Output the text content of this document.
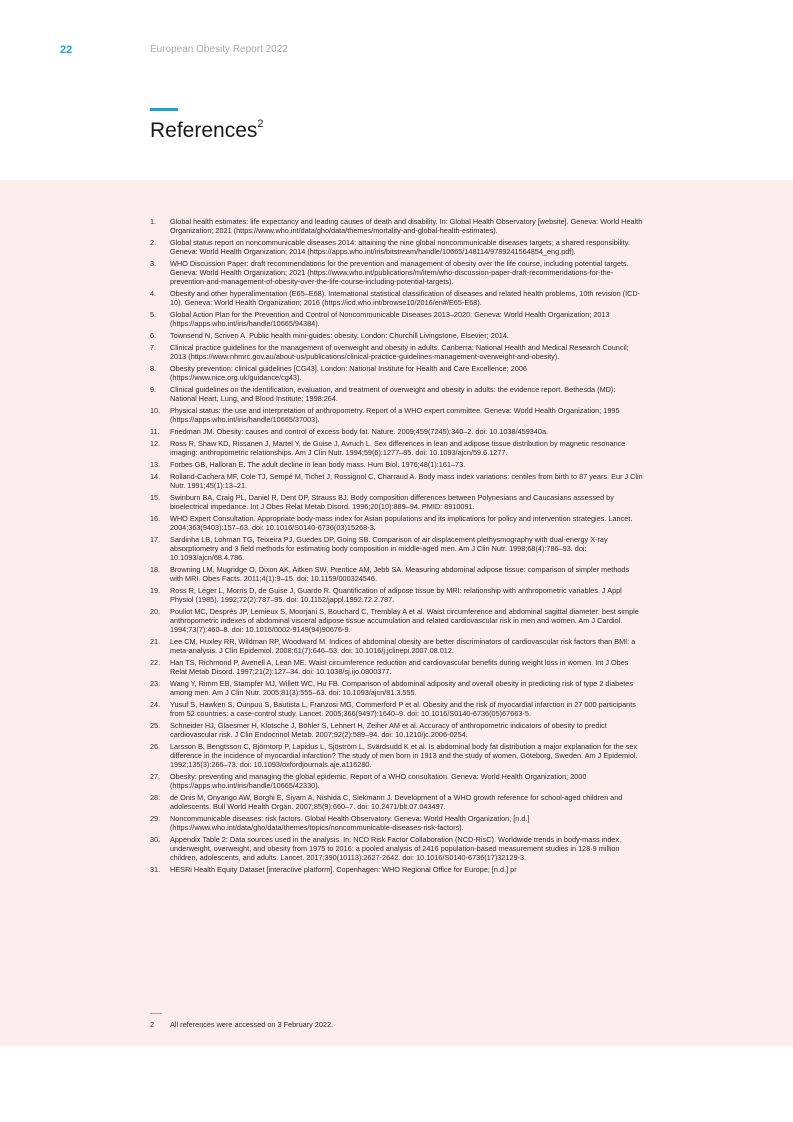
22	European Obesity Report 2022
References$^2$
1. Global health estimates: life expectancy and leading causes of death and disability. In: Global Health Observatory [website]. Geneva: World Health Organization; 2021 (https://www.who.int/data/gho/data/themes/mortality-and-global-health-estimates).
2. Global status report on noncommunicable diseases 2014: attaining the nine global noncommunicable diseases targets; a shared responsibility. Geneva: World Health Organization; 2014 (https://apps.who.int/iris/bitstream/handle/10665/148114/9789241564854_eng.pdf).
3. WHO Discussion Paper: draft recommendations for the prevention and management of obesity over the life course, including potential targets. Geneva: World Health Organization; 2021 (https://www.who.int/publications/m/item/who-discussion-paper-draft-recommendations-for-the-prevention-and-management-of-obesity-over-the-life-course-including-potential-targets).
4. Obesity and other hyperalimentation (E65–E68). International statistical classification of diseases and related health problems, 10th revision (ICD-10). Geneva: World Health Organization; 2016 (https://icd.who.int/browse10/2016/en#/E65-E68).
5. Global Action Plan for the Prevention and Control of Noncommunicable Diseases 2013–2020. Geneva: World Health Organization; 2013 (https://apps.who.int/iris/handle/10665/94384).
6. Townsend N, Scriven A. Public health mini-guides: obesity. London: Churchill Livingstone, Elsevier; 2014.
7. Clinical practice guidelines for the management of overweight and obesity in adults. Canberra: National Health and Medical Research Council; 2013 (https://www.nhmrc.gov.au/about-us/publications/clinical-practice-guidelines-management-overweight-and-obesity).
8. Obesity prevention: clinical guidelines [CG43]. London: National Institute for Health and Care Excellence; 2006 (https://www.nice.org.uk/guidance/cg43).
9. Clinical guidelines on the identification, evaluation, and treatment of overweight and obesity in adults: the evidence report. Bethesda (MD): National Heart, Lung, and Blood Institute; 1998:264.
10. Physical status: the use and interpretation of anthropometry. Report of a WHO expert committee. Geneva: World Health Organization; 1995 (https://apps.who.int/iris/handle/10665/37003).
11. Friedman JM. Obesity: causes and control of excess body fat. Nature. 2009;459(7245):340–2. doi: 10.1038/459340a.
12. Ross R, Shaw KD, Rissanen J, Martel Y, de Guise J, Avruch L. Sex differences in lean and adipose tissue distribution by magnetic resonance imaging: anthropometric relationships. Am J Clin Nutr. 1994;59(6):1277–85. doi: 10.1093/ajcn/59.6.1277.
13. Forbes GB, Halloran E. The adult decline in lean body mass. Hum Biol. 1976;48(1):161–73.
14. Rolland-Cachera MF, Cole TJ, Sempé M, Tichet J, Rossignol C, Charraud A. Body mass index variations: centiles from birth to 87 years. Eur J Clin Nutr. 1991;45(1):13–21.
15. Swinburn BA, Craig PL, Daniel R, Dent DP, Strauss BJ. Body composition differences between Polynesians and Caucasians assessed by bioelectrical impedance. Int J Obes Relat Metab Disord. 1996;20(10):889–94. PMID: 8910091.
16. WHO Expert Consultation. Appropriate body-mass index for Asian populations and its implications for policy and intervention strategies. Lancet. 2004;363(9403):157–63. doi: 10.1016/S0140-6736(03)15268-3.
17. Sardinha LB, Lohman TG, Teixeira PJ, Guedes DP, Going SB. Comparison of air displacement plethysmography with dual-energy X-ray absorptiometry and 3 field methods for estimating body composition in middle-aged men. Am J Clin Nutr. 1998;68(4):786–93. doi: 10.1093/ajcn/68.4.786.
18. Browning LM, Mugridge O, Dixon AK, Aitken SW, Prentice AM, Jebb SA. Measuring abdominal adipose tissue: comparison of simpler methods with MRI. Obes Facts. 2011;4(1):9–15. doi: 10.1159/000324546.
19. Ross R, Léger L, Morris D, de Guise J, Guardo R. Quantification of adipose tissue by MRI: relationship with anthropometric variables. J Appl Physiol (1985). 1992;72(2):787–95. doi: 10.1152/jappl.1992.72.2.787.
20. Pouliot MC, Després JP, Lemieux S, Moorjani S, Bouchard C, Tremblay A et al. Waist circumference and abdominal sagittal diameter: best simple anthropometric indexes of abdominal visceral adipose tissue accumulation and related cardiovascular risk in men and women. Am J Cardiol. 1994;73(7):460–8. doi: 10.1016/0002-9149(94)90676-9.
21. Lee CM, Huxley RR, Wildman RP, Woodward M. Indices of abdominal obesity are better discriminators of cardiovascular risk factors than BMI: a meta-analysis. J Clin Epidemiol. 2008;61(7):646–53. doi: 10.1016/j.jclinepi.2007.08.012.
22. Han TS, Richmond P, Avenell A, Lean ME. Waist circumference reduction and cardiovascular benefits during weight loss in women. Int J Obes Relat Metab Disord. 1997;21(2):127–34. doi: 10.1038/sj.ijo.0800377.
23. Wang Y, Rimm EB, Stampfer MJ, Willett WC, Hu FB. Comparison of abdominal adiposity and overall obesity in predicting risk of type 2 diabetes among men. Am J Clin Nutr. 2005;81(3):555–63. doi: 10.1093/ajcn/81.3.555.
24. Yusuf S, Hawken S, Ounpuu S, Bautista L, Franzosi MG, Commerford P et al. Obesity and the risk of myocardial infarction in 27 000 participants from 52 countries: a case-control study. Lancet. 2005;366(9497):1640–9. doi: 10.1016/S0140-6736(05)67663-5.
25. Schneider HJ, Glaesmer H, Klotsche J, Böhler S, Lehnert H, Zeiher AM et al. Accuracy of anthropometric indicators of obesity to predict cardiovascular risk. J Clin Endocrinol Metab. 2007;92(2):589–94. doi: 10.1210/jc.2006-0254.
26. Larsson B, Bengtsson C, Björntorp P, Lapidus L, Sjöström L, Svärdsudd K et al. Is abdominal body fat distribution a major explanation for the sex difference in the incidence of myocardial infarction? The study of men born in 1913 and the study of women, Göteborg, Sweden. Am J Epidemiol. 1992;135(3):266–73. doi: 10.1093/oxfordjournals.aje.a116280.
27. Obesity: preventing and managing the global epidemic. Report of a WHO consultation. Geneva: World Health Organization; 2000 (https://apps.who.int/iris/handle/10665/42330).
28. de Onis M, Onyango AW, Borghi E, Siyam A, Nishida C, Siekmann J. Development of a WHO growth reference for school-aged children and adolescents. Bull World Health Organ. 2007;85(9):660–7. doi: 10.2471/blt.07.043497.
29. Noncommunicable diseases: risk factors. Global Health Observatory. Geneva: World Health Organization; [n.d.] (https://www.who.int/data/gho/data/themes/topics/noncommunicable-diseases-risk-factors).
30. Appendix Table 2: Data sources used in the analysis. In: NCD Risk Factor Collaboration (NCD-RisC). Worldwide trends in body-mass index, underweight, overweight, and obesity from 1975 to 2016: a pooled analysis of 2416 population-based measurement studies in 128·9 million children, adolescents, and adults. Lancet. 2017;390(10113):2627-2642. doi: 10.1016/S0140-6736(17)32129-3.
31. HESRi Health Equity Dataset [interactive platform]. Copenhagen: WHO Regional Office for Europe; [n.d.] pr
2 All references were accessed on 3 February 2022.
